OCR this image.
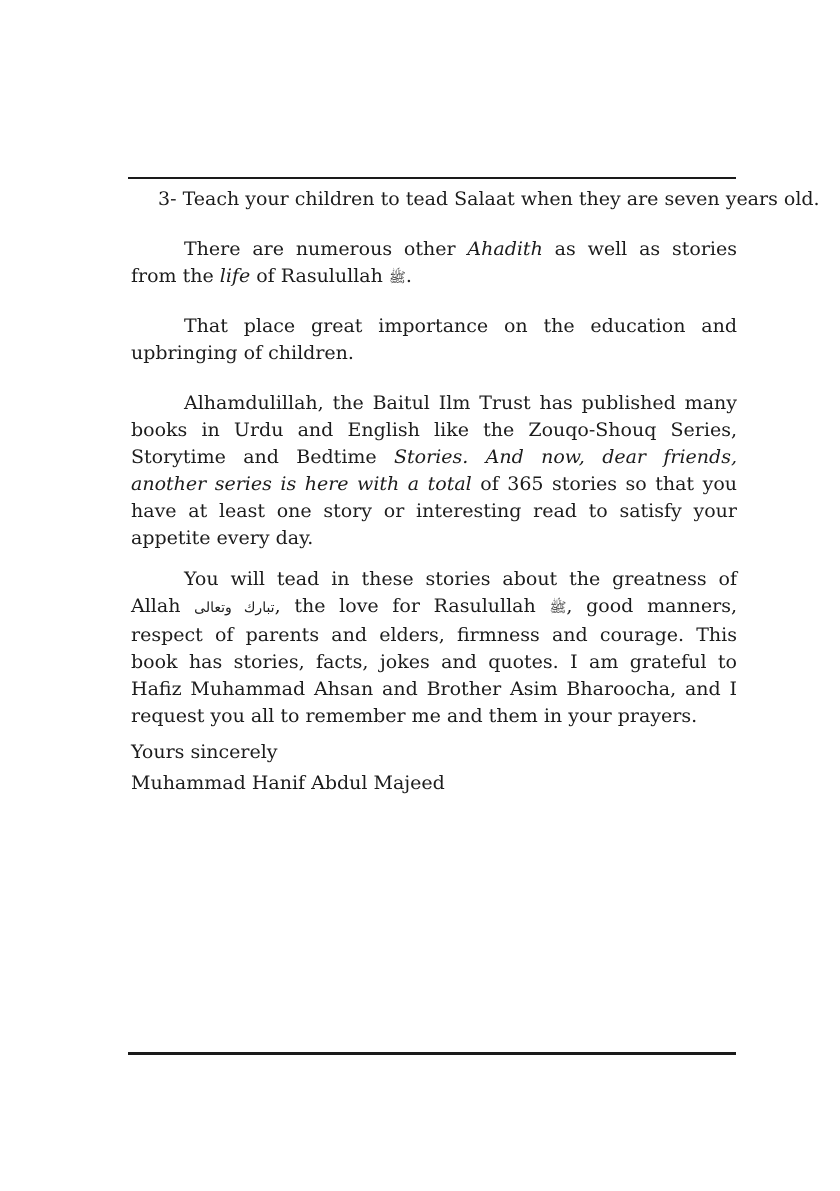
3- Teach your children to tead Salaat when they are seven years old.

There are numerous other Ahadith as well as stories from the life of Rasulullah ﷺ.

That place great importance on the education and upbringing of children.

Alhamdulillah, the Baitul Ilm Trust has published many books in Urdu and English like the Zouqo-Shouq Series, Storytime and Bedtime Stories. And now, dear friends, another series is here with a total of 365 stories so that you have at least one story or interesting read to satisfy your appetite every day.

You will tead in these stories about the greatness of Allah تبارك وتعالى, the love for Rasulullah ﷺ, good manners, respect of parents and elders, firmness and courage. This book has stories, facts, jokes and quotes. I am grateful to Hafiz Muhammad Ahsan and Brother Asim Bharoocha, and I request you all to remember me and them in your prayers.

Yours sincerely

Muhammad Hanif Abdul Majeed
